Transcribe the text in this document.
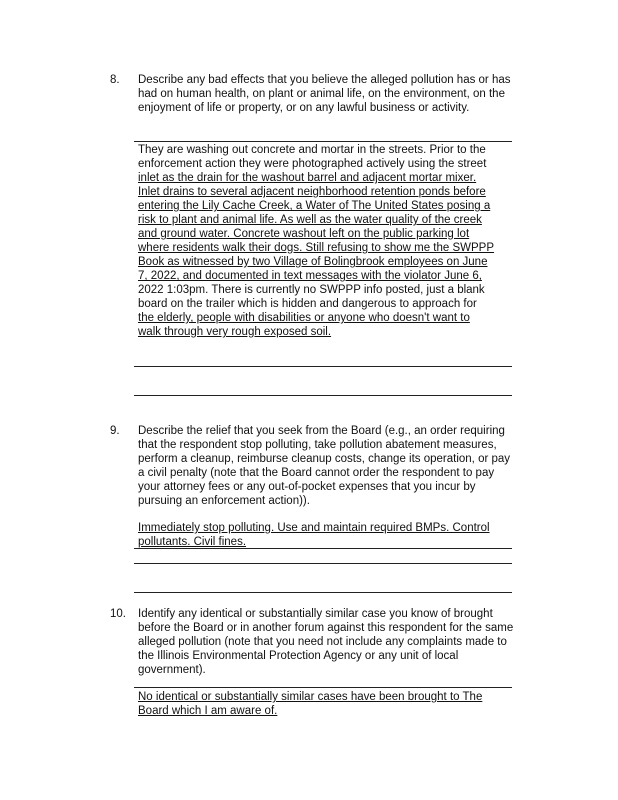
8.	Describe any bad effects that you believe the alleged pollution has or has had on human health, on plant or animal life, on the environment, on the enjoyment of life or property, or on any lawful business or activity.
They are washing out concrete and mortar in the streets. Prior to the
enforcement action they were photographed actively using the street
inlet as the drain for the washout barrel and adjacent mortar mixer.
Inlet drains to several adjacent neighborhood retention ponds before
entering the Lily Cache Creek, a Water of The United States posing a
risk to plant and animal life. As well as the water quality of the creek
and ground water. Concrete washout left on the public parking lot
where residents walk their dogs. Still refusing to show me the SWPPP
Book as witnessed by two Village of Bolingbrook employees on June
7, 2022, and documented in text messages with the violator June 6,
2022 1:03pm. There is currently no SWPPP info posted, just a blank
board on the trailer which is hidden and dangerous to approach for
the elderly, people with disabilities or anyone who doesn't want to
walk through very rough exposed soil.
9.	Describe the relief that you seek from the Board (e.g., an order requiring that the respondent stop polluting, take pollution abatement measures, perform a cleanup, reimburse cleanup costs, change its operation, or pay a civil penalty (note that the Board cannot order the respondent to pay your attorney fees or any out-of-pocket expenses that you incur by pursuing an enforcement action)).
Immediately stop polluting. Use and maintain required BMPs. Control
pollutants. Civil fines.
10.	Identify any identical or substantially similar case you know of brought before the Board or in another forum against this respondent for the same alleged pollution (note that you need not include any complaints made to the Illinois Environmental Protection Agency or any unit of local government).
No identical or substantially similar cases have been brought to The
Board which I am aware of.
